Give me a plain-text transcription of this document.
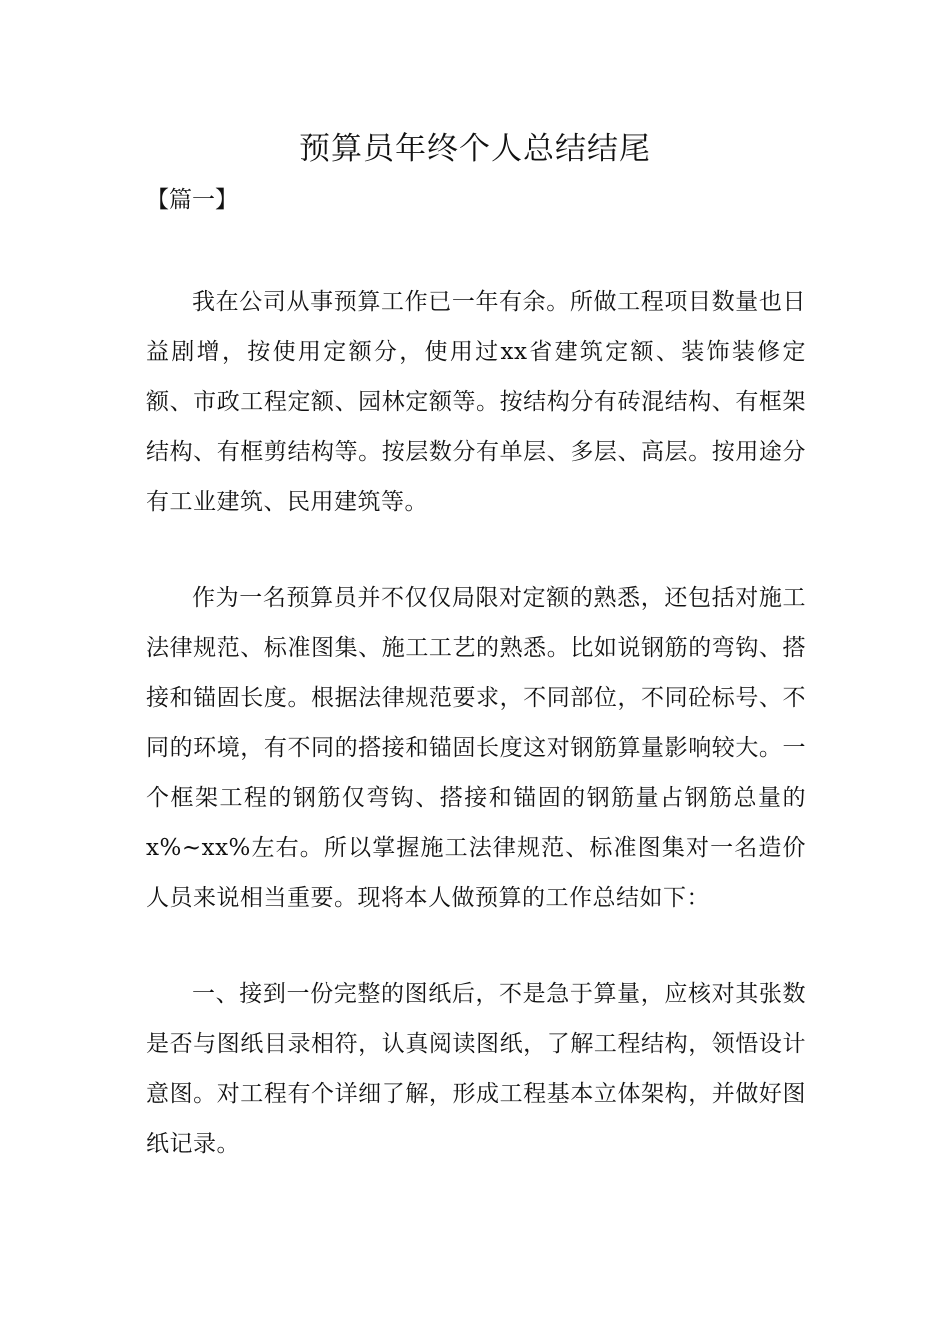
预算员年终个人总结结尾

【篇一】

我在公司从事预算工作已一年有余。所做工程项目数量也日益剧增，按使用定额分，使用过xx省建筑定额、装饰装修定额、市政工程定额、园林定额等。按结构分有砖混结构、有框架结构、有框剪结构等。按层数分有单层、多层、高层。按用途分有工业建筑、民用建筑等。

作为一名预算员并不仅仅局限对定额的熟悉，还包括对施工法律规范、标准图集、施工工艺的熟悉。比如说钢筋的弯钩、搭接和锚固长度。根据法律规范要求，不同部位，不同砼标号、不同的环境，有不同的搭接和锚固长度这对钢筋算量影响较大。一个框架工程的钢筋仅弯钩、搭接和锚固的钢筋量占钢筋总量的x%~xx%左右。所以掌握施工法律规范、标准图集对一名造价人员来说相当重要。现将本人做预算的工作总结如下：

一、接到一份完整的图纸后，不是急于算量，应核对其张数是否与图纸目录相符，认真阅读图纸，了解工程结构，领悟设计意图。对工程有个详细了解，形成工程基本立体架构，并做好图纸记录。
